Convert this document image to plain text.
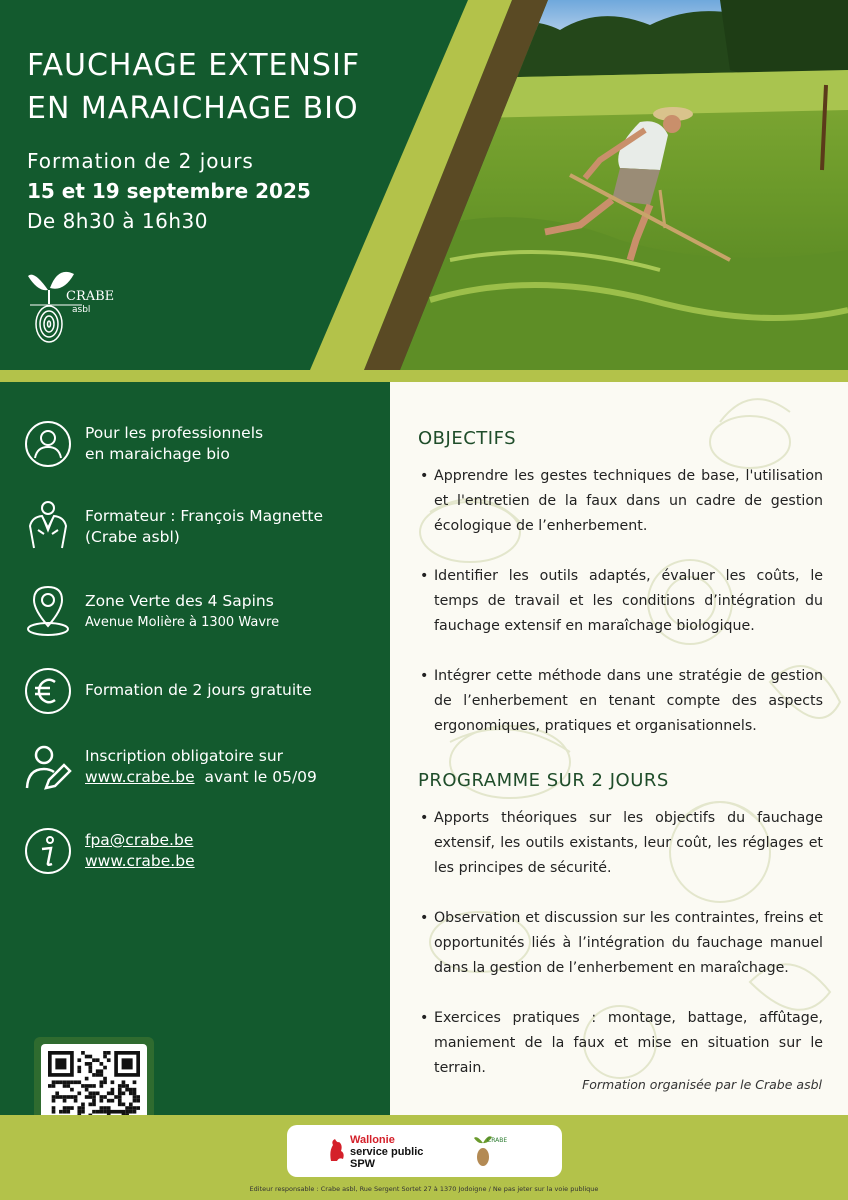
FAUCHAGE EXTENSIF
EN MARAICHAGE BIO
Formation de 2 jours
15 et 19 septembre 2025
De 8h30 à 16h30
CRABE
asbl
Pour les professionnels
en maraichage bio
Formateur : François Magnette
(Crabe asbl)
Zone Verte des 4 Sapins
Avenue Molière à 1300 Wavre
Formation de 2 jours gratuite
Inscription obligatoire sur
www.crabe.be avant le 05/09
fpa@crabe.be
www.crabe.be
OBJECTIFS
• Apprendre les gestes techniques de base, l'utilisation et l'entretien de la faux dans un cadre de gestion écologique de l’enherbement.
• Identifier les outils adaptés, évaluer les coûts, le temps de travail et les conditions d’intégration du fauchage extensif en maraîchage biologique.
• Intégrer cette méthode dans une stratégie de gestion de l’enherbement en tenant compte des aspects ergonomiques, pratiques et organisationnels.
PROGRAMME SUR 2 JOURS
• Apports théoriques sur les objectifs du fauchage extensif, les outils existants, leur coût, les réglages et les principes de sécurité.
• Observation et discussion sur les contraintes, freins et opportunités liés à l’intégration du fauchage manuel dans la gestion de l’enherbement en maraîchage.
• Exercices pratiques : montage, battage, affûtage, maniement de la faux et mise en situation sur le terrain.
Formation organisée par le Crabe asbl
Wallonie
service public
SPW
CRABE
Editeur responsable : Crabe asbl, Rue Sergent Sortet 27 à 1370 Jodoigne / Ne pas jeter sur la voie publique
